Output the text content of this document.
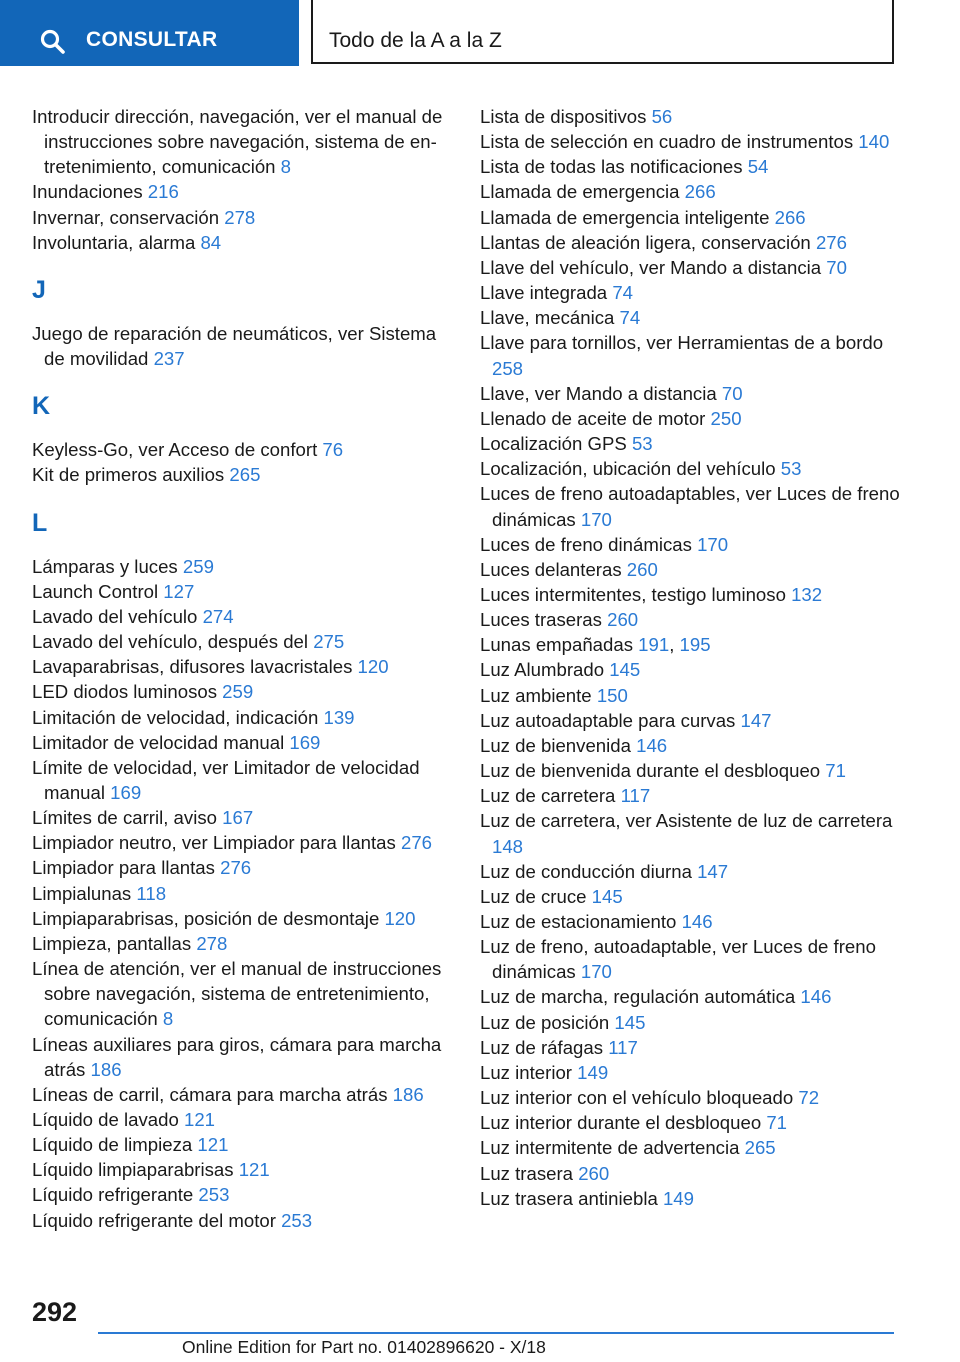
CONSULTAR	Todo de la A a la Z
Introducir dirección, navegación, ver el manual de instrucciones sobre navegación, sistema de entretenimiento, comunicación 8
Inundaciones 216
Invernar, conservación 278
Involuntaria, alarma 84
J
Juego de reparación de neumáticos, ver Sistema de movilidad 237
K
Keyless-Go, ver Acceso de confort 76
Kit de primeros auxilios 265
L
Lámparas y luces 259
Launch Control 127
Lavado del vehículo 274
Lavado del vehículo, después del 275
Lavaparabrisas, difusores lavacristales 120
LED diodos luminosos 259
Limitación de velocidad, indicación 139
Limitador de velocidad manual 169
Límite de velocidad, ver Limitador de velocidad manual 169
Límites de carril, aviso 167
Limpiador neutro, ver Limpiador para llantas 276
Limpiador para llantas 276
Limpialunas 118
Limpiaparabrisas, posición de desmontaje 120
Limpieza, pantallas 278
Línea de atención, ver el manual de instrucciones sobre navegación, sistema de entretenimiento, comunicación 8
Líneas auxiliares para giros, cámara para marcha atrás 186
Líneas de carril, cámara para marcha atrás 186
Líquido de lavado 121
Líquido de limpieza 121
Líquido limpiaparabrisas 121
Líquido refrigerante 253
Líquido refrigerante del motor 253
Lista de dispositivos 56
Lista de selección en cuadro de instrumentos 140
Lista de todas las notificaciones 54
Llamada de emergencia 266
Llamada de emergencia inteligente 266
Llantas de aleación ligera, conservación 276
Llave del vehículo, ver Mando a distancia 70
Llave integrada 74
Llave, mecánica 74
Llave para tornillos, ver Herramientas de a bordo 258
Llave, ver Mando a distancia 70
Llenado de aceite de motor 250
Localización GPS 53
Localización, ubicación del vehículo 53
Luces de freno autoadaptables, ver Luces de freno dinámicas 170
Luces de freno dinámicas 170
Luces delanteras 260
Luces intermitentes, testigo luminoso 132
Luces traseras 260
Lunas empañadas 191, 195
Luz Alumbrado 145
Luz ambiente 150
Luz autoadaptable para curvas 147
Luz de bienvenida 146
Luz de bienvenida durante el desbloqueo 71
Luz de carretera 117
Luz de carretera, ver Asistente de luz de carretera 148
Luz de conducción diurna 147
Luz de cruce 145
Luz de estacionamiento 146
Luz de freno, autoadaptable, ver Luces de freno dinámicas 170
Luz de marcha, regulación automática 146
Luz de posición 145
Luz de ráfagas 117
Luz interior 149
Luz interior con el vehículo bloqueado 72
Luz interior durante el desbloqueo 71
Luz intermitente de advertencia 265
Luz trasera 260
Luz trasera antiniebla 149
292
Online Edition for Part no. 01402896620 - X/18
